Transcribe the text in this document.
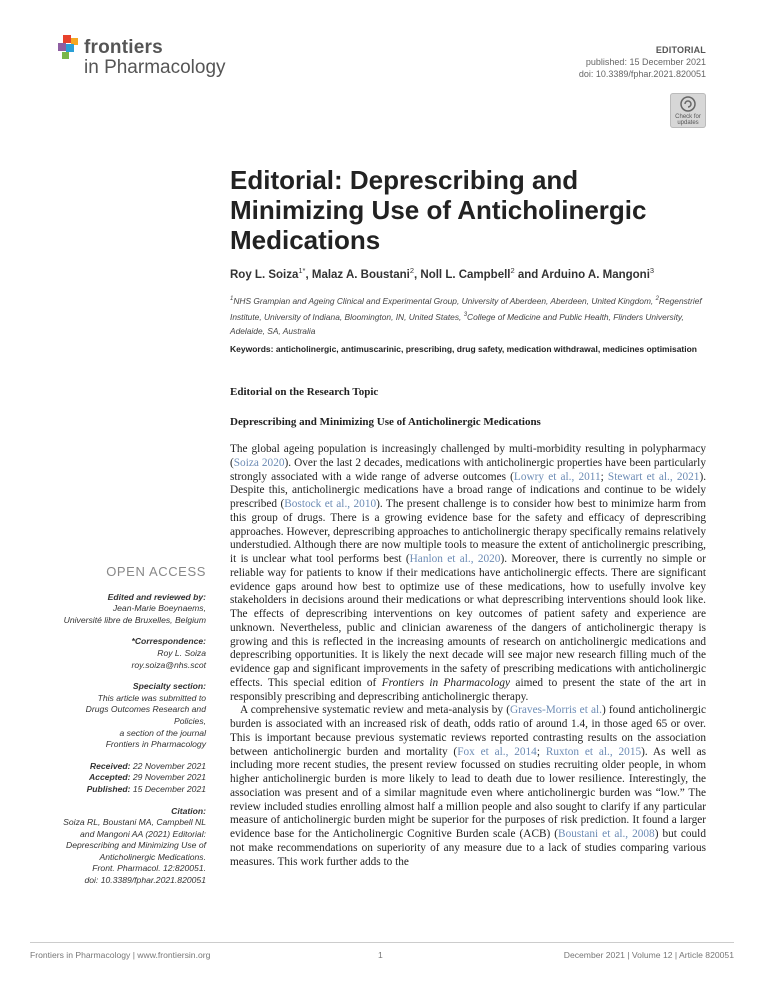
frontiers
in Pharmacology
EDITORIAL
published: 15 December 2021
doi: 10.3389/fphar.2021.820051
Check for
updates
Editorial: Deprescribing and Minimizing Use of Anticholinergic Medications
Roy L. Soiza$^{1*}$, Malaz A. Boustani$^2$, Noll L. Campbell$^2$ and Arduino A. Mangoni$^3$
$^1$NHS Grampian and Ageing Clinical and Experimental Group, University of Aberdeen, Aberdeen, United Kingdom, $^2$Regenstrief Institute, University of Indiana, Bloomington, IN, United States, $^3$College of Medicine and Public Health, Flinders University, Adelaide, SA, Australia
Keywords: anticholinergic, antimuscarinic, prescribing, drug safety, medication withdrawal, medicines optimisation
Editorial on the Research Topic
Deprescribing and Minimizing Use of Anticholinergic Medications

The global ageing population is increasingly challenged by multi-morbidity resulting in polypharmacy (Soiza 2020). Over the last 2 decades, medications with anticholinergic properties have been particularly strongly associated with a wide range of adverse outcomes (Lowry et al., 2011; Stewart et al., 2021). Despite this, anticholinergic medications have a broad range of indications and continue to be widely prescribed (Bostock et al., 2010). The present challenge is to consider how best to minimize harm from this group of drugs. There is a growing evidence base for the safety and efficacy of deprescribing approaches. However, deprescribing approaches to anticholinergic therapy specifically remains relatively understudied. Although there are now multiple tools to measure the extent of anticholinergic prescribing, it is unclear what tool performs best (Hanlon et al., 2020). Moreover, there is currently no simple or reliable way for patients to know if their medications have anticholinergic effects. There are significant evidence gaps around how best to optimize use of these medications, how to usefully involve key stakeholders in decisions around their medications or what deprescribing interventions should look like. The effects of deprescribing interventions on key outcomes of patient safety and experience are unknown. Nevertheless, public and clinician awareness of the dangers of anticholinergic therapy is growing and this is reflected in the increasing amounts of research on anticholinergic medications and deprescribing opportunities. It is likely the next decade will see major new research filling much of the evidence gap and significant improvements in the safety of prescribing medications with anticholinergic effects. This special edition of Frontiers in Pharmacology aimed to present the state of the art in responsibly prescribing and deprescribing anticholinergic therapy.

A comprehensive systematic review and meta-analysis by (Graves-Morris et al.) found anticholinergic burden is associated with an increased risk of death, odds ratio of around 1.4, in those aged 65 or over. This is important because previous systematic reviews reported contrasting results on the association between anticholinergic burden and mortality (Fox et al., 2014; Ruxton et al., 2015). As well as including more recent studies, the present review focussed on studies recruiting older people, in whom higher anticholinergic burden is more likely to lead to death due to lower resilience. Interestingly, the association was present and of a similar magnitude even where anticholinergic burden was “low.” The review included studies enrolling almost half a million people and also sought to clarify if any particular measure of anticholinergic burden might be superior for the purposes of risk prediction. It found a larger evidence base for the Anticholinergic Cognitive Burden scale (ACB) (Boustani et al., 2008) but could not make recommendations on superiority of any measure due to a lack of studies comparing various measures. This work further adds to the

OPEN ACCESS
Edited and reviewed by:
Jean-Marie Boeynaems,
Université libre de Bruxelles, Belgium
*Correspondence:
Roy L. Soiza
roy.soiza@nhs.scot
Specialty section:
This article was submitted to
Drugs Outcomes Research and
Policies,
a section of the journal
Frontiers in Pharmacology
Received: 22 November 2021
Accepted: 29 November 2021
Published: 15 December 2021
Citation:
Soiza RL, Boustani MA, Campbell NL
and Mangoni AA (2021) Editorial:
Deprescribing and Minimizing Use of
Anticholinergic Medications.
Front. Pharmacol. 12:820051.
doi: 10.3389/fphar.2021.820051
Frontiers in Pharmacology | www.frontiersin.org	1	December 2021 | Volume 12 | Article 820051
